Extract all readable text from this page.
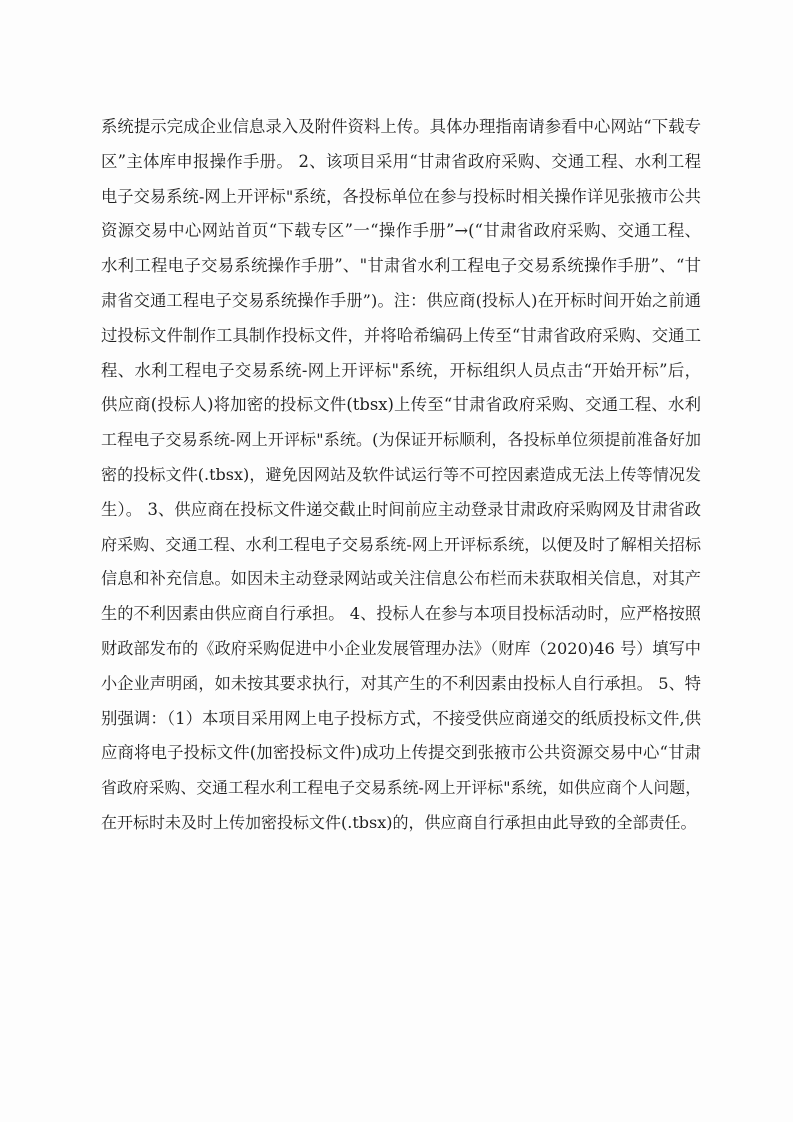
系统提示完成企业信息录入及附件资料上传。具体办理指南请参看中心网站“下载专
区”主体库申报操作手册。 2、该项目采用“甘肃省政府采购、交通工程、水利工程
电子交易系统-网上开评标"系统，各投标单位在参与投标时相关操作详见张掖市公共
资源交易中心网站首页“下载专区”一“操作手册”→(“甘肃省政府采购、交通工程、
水利工程电子交易系统操作手册”、"甘肃省水利工程电子交易系统操作手册”、“甘
肃省交通工程电子交易系统操作手册”)。注：供应商(投标人)在开标时间开始之前通
过投标文件制作工具制作投标文件，并将哈希编码上传至“甘肃省政府采购、交通工
程、水利工程电子交易系统-网上开评标"系统，开标组织人员点击“开始开标”后，
供应商(投标人)将加密的投标文件(tbsx)上传至“甘肃省政府采购、交通工程、水利
工程电子交易系统-网上开评标"系统。(为保证开标顺利，各投标单位须提前准备好加
密的投标文件(.tbsx)，避免因网站及软件试运行等不可控因素造成无法上传等情况发
生）。 3、供应商在投标文件递交截止时间前应主动登录甘肃政府采购网及甘肃省政
府采购、交通工程、水利工程电子交易系统-网上开评标系统，以便及时了解相关招标
信息和补充信息。如因未主动登录网站或关注信息公布栏而未获取相关信息，对其产
生的不利因素由供应商自行承担。 4、投标人在参与本项目投标活动时，应严格按照
财政部发布的《政府采购促进中小企业发展管理办法》（财库（2020)46 号）填写中
小企业声明函，如未按其要求执行，对其产生的不利因素由投标人自行承担。 5、特
别强调：（1）本项目采用网上电子投标方式，不接受供应商递交的纸质投标文件,供
应商将电子投标文件(加密投标文件)成功上传提交到张掖市公共资源交易中心“甘肃
省政府采购、交通工程水利工程电子交易系统-网上开评标"系统，如供应商个人问题，
在开标时未及时上传加密投标文件(.tbsx)的，供应商自行承担由此导致的全部责任。
